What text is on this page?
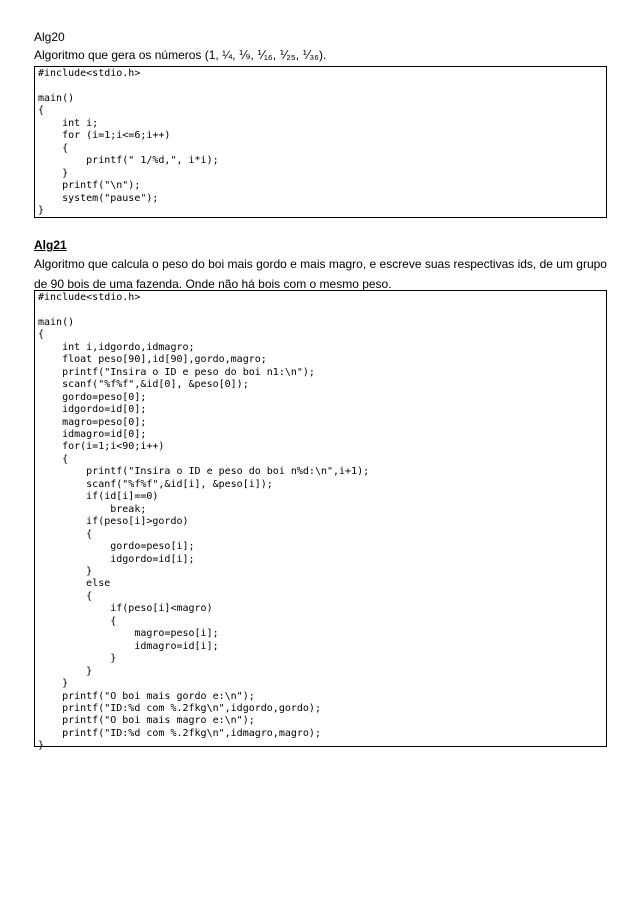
Alg20
Algoritmo que gera os números (1, ¼, ⅑, ⅟₁₆, ⅟₂₅, ⅟₃₆).
#include<stdio.h>

main()
{
int i;
for (i=1;i<=6;i++)
{
printf(" 1/%d,", i*i);
}
printf("\n");
system("pause");
}
Alg21
Algoritmo que calcula o peso do boi mais gordo e mais magro, e escreve suas respectivas ids, de um grupo
de 90 bois de uma fazenda. Onde não há bois com o mesmo peso.
#include<stdio.h>

main()
{
int i,idgordo,idmagro;
float peso[90],id[90],gordo,magro;
printf("Insira o ID e peso do boi n1:\n");
scanf("%f%f",&id[0], &peso[0]);
gordo=peso[0];
idgordo=id[0];
magro=peso[0];
idmagro=id[0];
for(i=1;i<90;i++)
{
printf("Insira o ID e peso do boi n%d:\n",i+1);
scanf("%f%f",&id[i], &peso[i]);
if(id[i]==0)
break;
if(peso[i]>gordo)
{
gordo=peso[i];
idgordo=id[i];
}
else
{
if(peso[i]<magro)
{
magro=peso[i];
idmagro=id[i];
}
}
}
printf("O boi mais gordo e:\n");
printf("ID:%d com %.2fkg\n",idgordo,gordo);
printf("O boi mais magro e:\n");
printf("ID:%d com %.2fkg\n",idmagro,magro);
}
